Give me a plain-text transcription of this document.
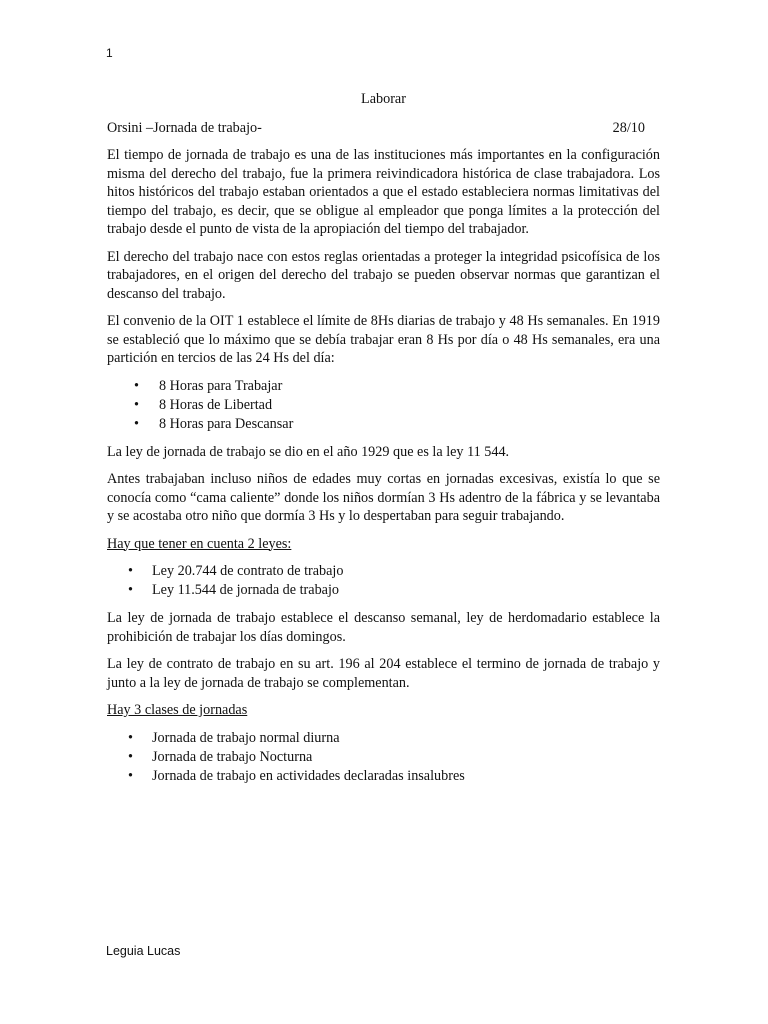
1
Laborar
Orsini –Jornada de trabajo-	28/10

El tiempo de jornada de trabajo es una de las instituciones más importantes en la configuración misma del derecho del trabajo, fue la primera reivindicadora histórica de clase trabajadora. Los hitos históricos del trabajo estaban orientados a que el estado estableciera normas limitativas del tiempo del trabajo, es decir, que se obligue al empleador que ponga límites a la protección del trabajo desde el punto de vista de la apropiación del tiempo del trabajador.

El derecho del trabajo nace con estos reglas orientadas a proteger la integridad psicofísica de los trabajadores, en el origen del derecho del trabajo se pueden observar normas que garantizan el descanso del trabajo.

El convenio de la OIT 1 establece el límite de 8Hs diarias de trabajo y 48 Hs semanales. En 1919 se estableció que lo máximo que se debía trabajar eran 8 Hs por día o 48 Hs semanales, era una partición en tercios de las 24 Hs del día:

• 8 Horas para Trabajar
• 8 Horas de Libertad
• 8 Horas para Descansar

La ley de jornada de trabajo se dio en el año 1929 que es la ley 11 544.

Antes trabajaban incluso niños de edades muy cortas en jornadas excesivas, existía lo que se conocía como “cama caliente” donde los niños dormían 3 Hs adentro de la fábrica y se levantaba y se acostaba otro niño que dormía 3 Hs y lo despertaban para seguir trabajando.

Hay que tener en cuenta 2 leyes:

• Ley 20.744 de contrato de trabajo
• Ley 11.544 de jornada de trabajo

La ley de jornada de trabajo establece el descanso semanal, ley de herdomadario establece la prohibición de trabajar los días domingos.

La ley de contrato de trabajo en su art. 196 al 204 establece el termino de jornada de trabajo y junto a la ley de jornada de trabajo se complementan.

Hay 3 clases de jornadas

• Jornada de trabajo normal diurna
• Jornada de trabajo Nocturna
• Jornada de trabajo en actividades declaradas insalubres
Leguia Lucas
